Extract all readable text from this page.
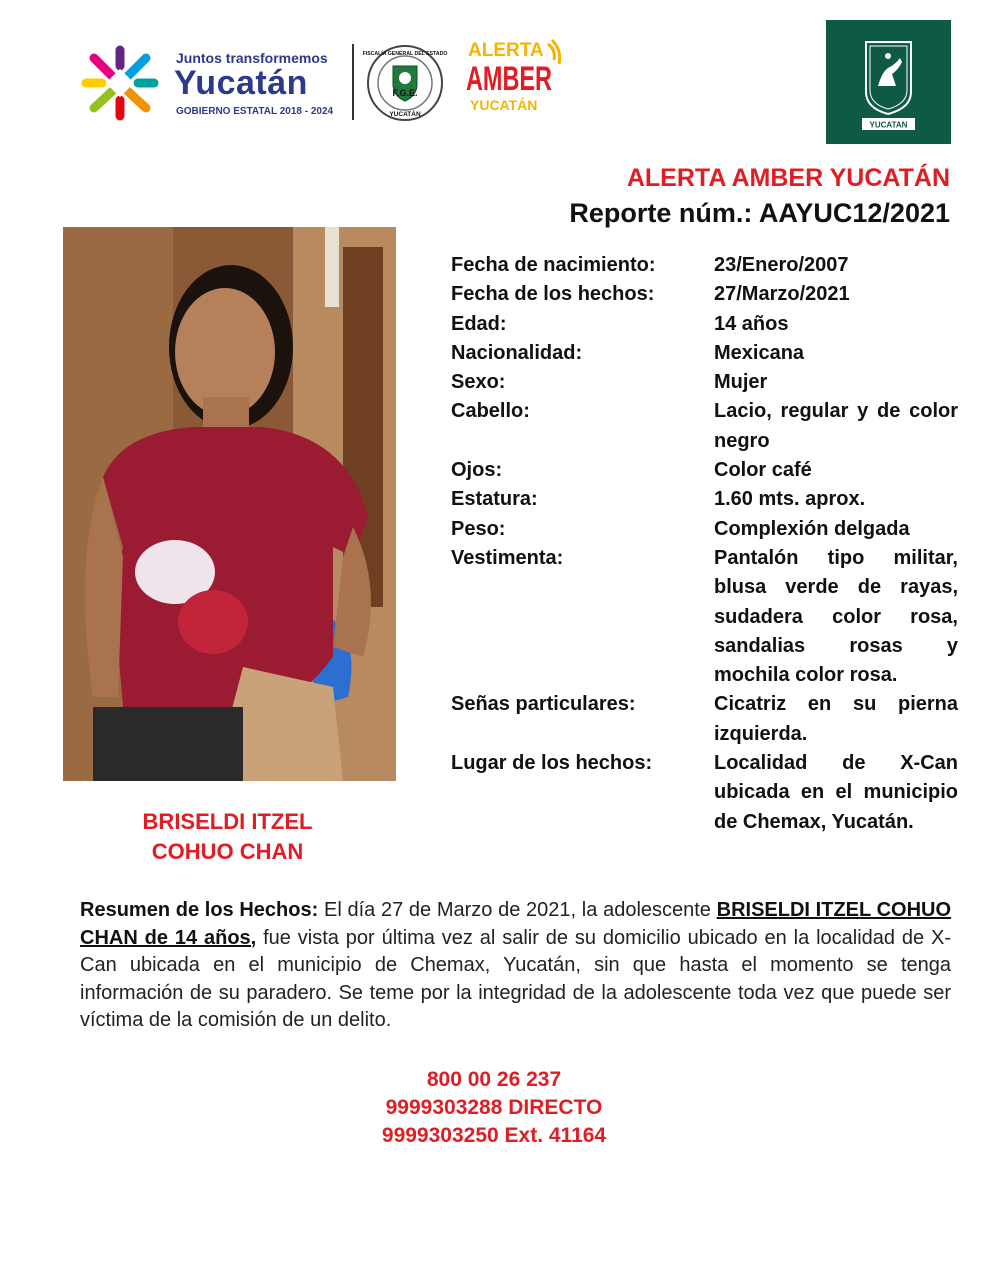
Juntos transformemos
Yucatán
GOBIERNO ESTATAL 2018 - 2024
F.G.E.
YUCATÁN
FISCALÍA GENERAL DEL ESTADO ALERTA
AMBER
YUCATÁN
YUCATAN
ALERTA AMBER YUCATÁN
Reporte núm.: AAYUC12/2021
BRISELDI ITZEL
COHUO CHAN
Fecha de nacimiento:	23/Enero/2007
Fecha de los hechos:	27/Marzo/2021
Edad:	14 años
Nacionalidad:	Mexicana
Sexo:	Mujer
Cabello:	Lacio, regular y de color negro
Ojos:	Color café
Estatura:	1.60 mts. aprox.
Peso:	Complexión delgada
Vestimenta:	Pantalón tipo militar, blusa verde de rayas, sudadera color rosa, sandalias rosas y mochila color rosa.
Señas particulares:	Cicatriz en su pierna izquierda.
Lugar de los hechos:	Localidad de X-Can ubicada en el municipio de Chemax, Yucatán.
Resumen de los Hechos: El día 27 de Marzo de 2021, la adolescente BRISELDI ITZEL COHUO CHAN de 14 años, fue vista por última vez al salir de su domicilio ubicado en la localidad de X-Can ubicada en el municipio de Chemax, Yucatán, sin que hasta el momento se tenga información de su paradero. Se teme por la integridad de la adolescente toda vez que puede ser víctima de la comisión de un delito.
800 00 26 237
9999303288 DIRECTO
9999303250 Ext. 41164
